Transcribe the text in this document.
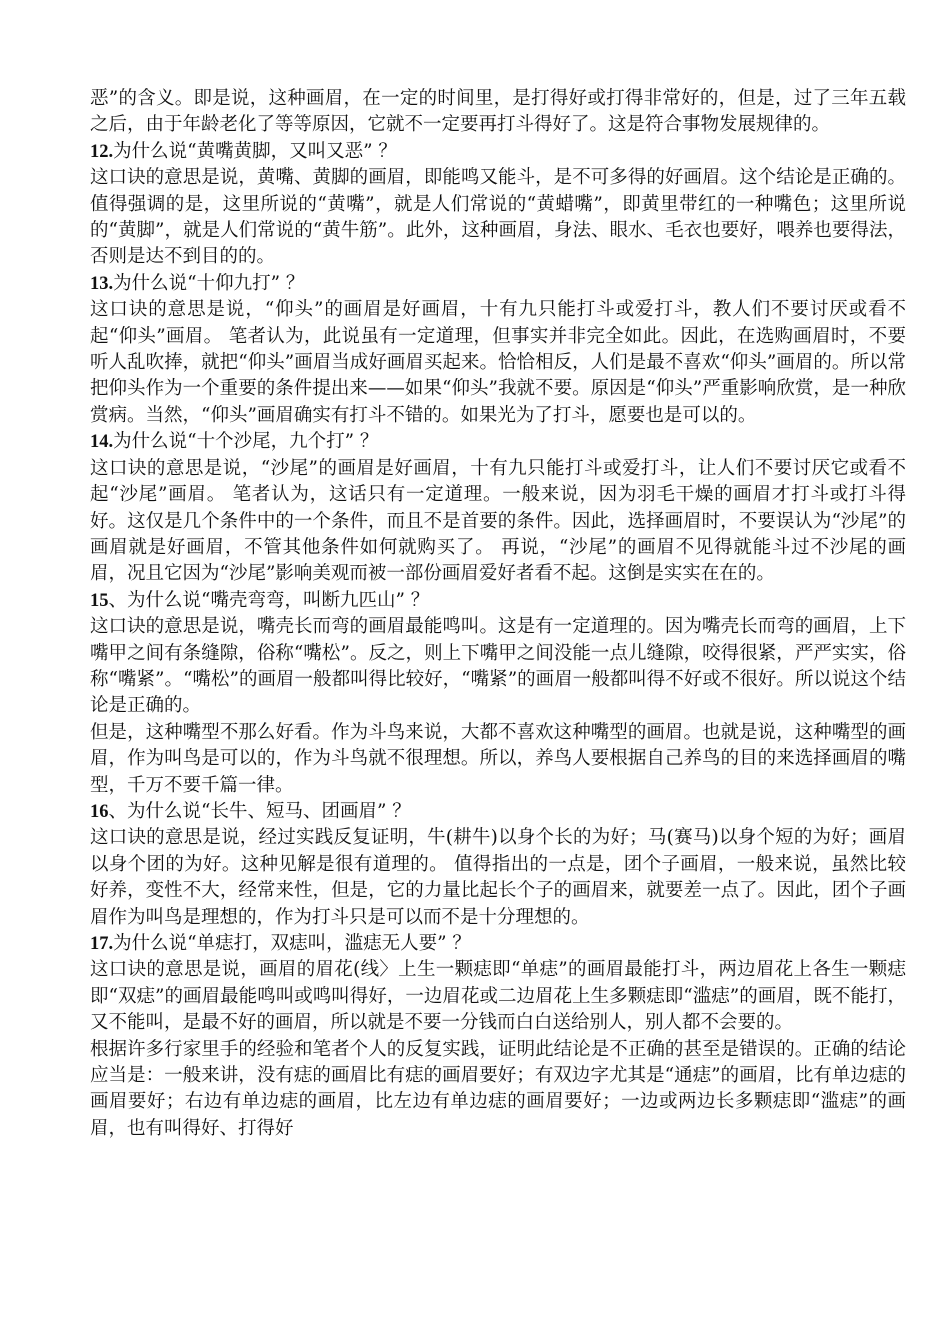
恶”的含义。即是说，这种画眉，在一定的时间里，是打得好或打得非常好的，但是，过了三年五载之后，由于年龄老化了等等原因，它就不一定要再打斗得好了。这是符合事物发展规律的。

12.为什么说“黄嘴黄脚，又叫又恶” ？

这口诀的意思是说，黄嘴、黄脚的画眉，即能鸣又能斗，是不可多得的好画眉。这个结论是正确的。值得强调的是，这里所说的“黄嘴”，就是人们常说的“黄蜡嘴”，即黄里带红的一种嘴色；这里所说的“黄脚”，就是人们常说的“黄牛筋”。此外，这种画眉，身法、眼水、毛衣也要好，喂养也要得法，否则是达不到目的的。

13.为什么说“十仰九打” ？

这口诀的意思是说，“仰头”的画眉是好画眉，十有九只能打斗或爱打斗，教人们不要讨厌或看不起“仰头”画眉。 笔者认为，此说虽有一定道理，但事实并非完全如此。因此，在选购画眉时，不要听人乱吹捧，就把“仰头”画眉当成好画眉买起来。恰恰相反，人们是最不喜欢“仰头”画眉的。所以常把仰头作为一个重要的条件提出来——如果“仰头”我就不要。原因是“仰头”严重影响欣赏，是一种欣赏病。当然，“仰头”画眉确实有打斗不错的。如果光为了打斗，愿要也是可以的。

14.为什么说“十个沙尾，九个打” ？

这口诀的意思是说，“沙尾”的画眉是好画眉，十有九只能打斗或爱打斗，让人们不要讨厌它或看不起“沙尾”画眉。 笔者认为，这话只有一定道理。一般来说，因为羽毛干燥的画眉才打斗或打斗得好。这仅是几个条件中的一个条件，而且不是首要的条件。因此，选择画眉时，不要误认为“沙尾”的画眉就是好画眉，不管其他条件如何就购买了。 再说，“沙尾”的画眉不见得就能斗过不沙尾的画眉，况且它因为“沙尾”影响美观而被一部份画眉爱好者看不起。这倒是实实在在的。

15、为什么说“嘴壳弯弯，叫断九匹山” ？

这口诀的意思是说，嘴壳长而弯的画眉最能鸣叫。这是有一定道理的。因为嘴壳长而弯的画眉，上下嘴甲之间有条缝隙，俗称“嘴松”。反之，则上下嘴甲之间没能一点儿缝隙，咬得很紧，严严实实，俗称“嘴紧”。“嘴松”的画眉一般都叫得比较好，“嘴紧”的画眉一般都叫得不好或不很好。所以说这个结论是正确的。

但是，这种嘴型不那么好看。作为斗鸟来说，大都不喜欢这种嘴型的画眉。也就是说，这种嘴型的画眉，作为叫鸟是可以的，作为斗鸟就不很理想。所以，养鸟人要根据自己养鸟的目的来选择画眉的嘴型，千万不要千篇一律。

16、为什么说“长牛、短马、团画眉” ？

这口诀的意思是说，经过实践反复证明，牛(耕牛)以身个长的为好；马(赛马)以身个短的为好；画眉以身个团的为好。这种见解是很有道理的。 值得指出的一点是，团个子画眉，一般来说，虽然比较好养，变性不大，经常来性，但是，它的力量比起长个子的画眉来，就要差一点了。因此，团个子画眉作为叫鸟是理想的，作为打斗只是可以而不是十分理想的。

17.为什么说“单痣打，双痣叫，滥痣无人要” ？

这口诀的意思是说，画眉的眉花(线〉上生一颗痣即“单痣”的画眉最能打斗，两边眉花上各生一颗痣即“双痣”的画眉最能鸣叫或鸣叫得好，一边眉花或二边眉花上生多颗痣即“滥痣”的画眉，既不能打，又不能叫，是最不好的画眉，所以就是不要一分钱而白白送给别人，别人都不会要的。

根据许多行家里手的经验和笔者个人的反复实践，证明此结论是不正确的甚至是错误的。正确的结论应当是：一般来讲，没有痣的画眉比有痣的画眉要好；有双边字尤其是“通痣”的画眉，比有单边痣的画眉要好；右边有单边痣的画眉，比左边有单边痣的画眉要好；一边或两边长多颗痣即“滥痣”的画眉，也有叫得好、打得好
